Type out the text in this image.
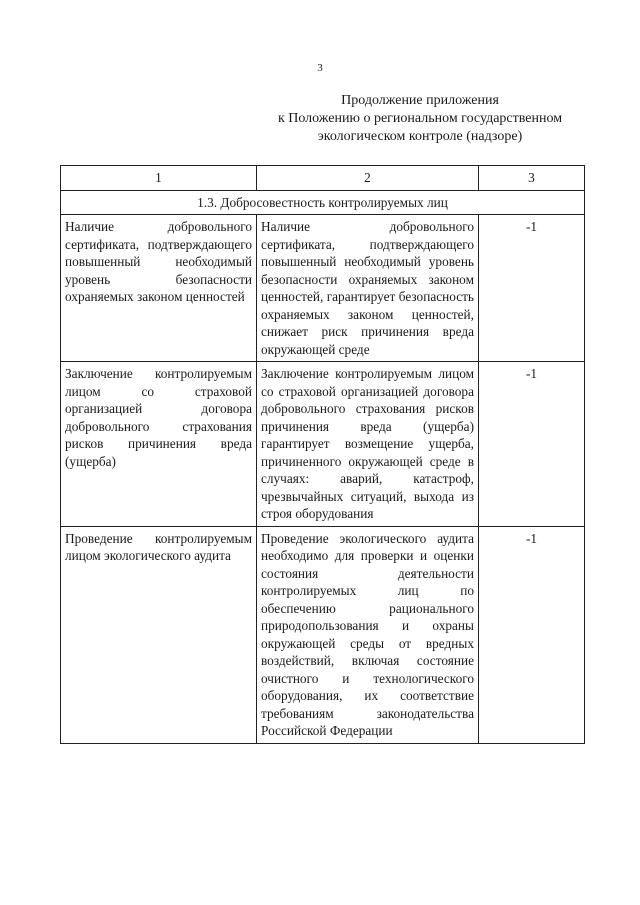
3
Продолжение приложения
к Положению о региональном государственном
экологическом контроле (надзоре)
1	2	3
1.3. Добросовестность контролируемых лиц		
Наличие добровольного сертификата, подтверждающего повышенный необходимый уровень безопасности охраняемых законом ценностей	Наличие добровольного сертификата, подтверждающего повышенный необходимый уровень безопасности охраняемых законом ценностей, гарантирует безопасность охраняемых законом ценностей, снижает риск причинения вреда окружающей среде	-1
Заключение контролируемым лицом со страховой организацией договора добровольного страхования рисков причинения вреда (ущерба)	Заключение контролируемым лицом со страховой организацией договора добровольного страхования рисков причинения вреда (ущерба) гарантирует возмещение ущерба, причиненного окружающей среде в случаях: аварий, катастроф, чрезвычайных ситуаций, выхода из строя оборудования	-1
Проведение контролируемым лицом экологического аудита	Проведение экологического аудита необходимо для проверки и оценки состояния деятельности контролируемых лиц по обеспечению рационального природопользования и охраны окружающей среды от вредных воздействий, включая состояние очистного и технологического оборудования, их соответствие требованиям законодательства Российской Федерации	-1
